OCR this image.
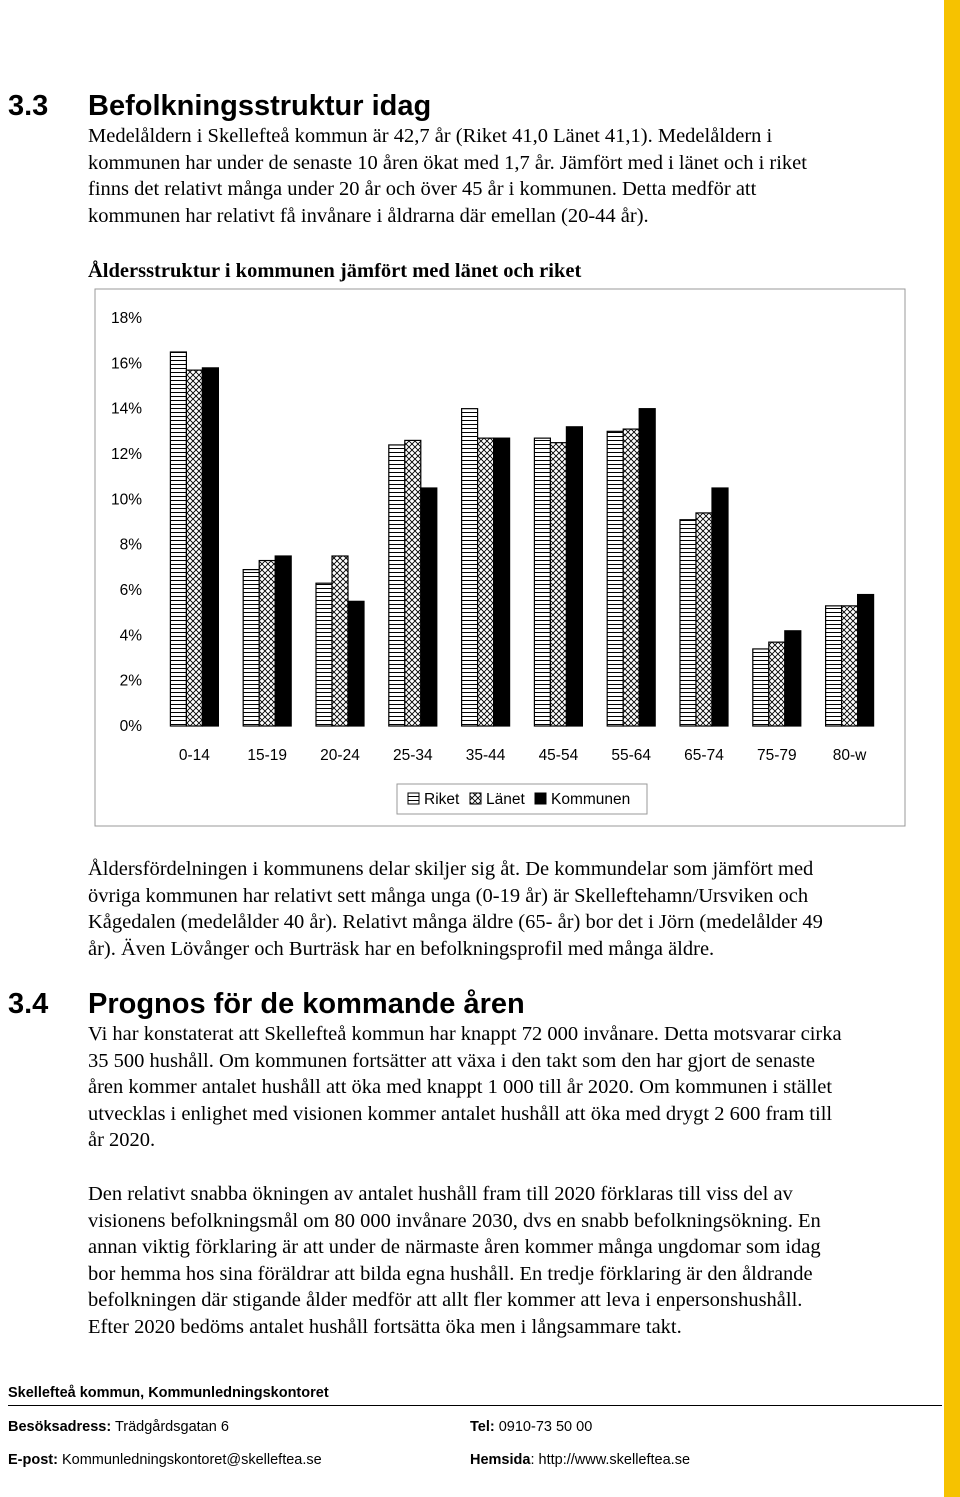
3.3 Befolkningsstruktur idag
Medelåldern i Skellefteå kommun är 42,7 år (Riket 41,0 Länet 41,1). Medelåldern i
kommunen har under de senaste 10 åren ökat med 1,7 år. Jämfört med i länet och i riket
finns det relativt många under 20 år och över 45 år i kommunen. Detta medför att
kommunen har relativt få invånare i åldrarna där emellan (20-44 år).
Åldersstruktur i kommunen jämfört med länet och riket
0%
2%
4%
6%
8%
10%
12%
14%
16%
18%
0-14 15-19 20-24 25-34 35-44 45-54 55-64 65-74 75-79 80-w
Riket Länet Kommunen
Åldersfördelningen i kommunens delar skiljer sig åt. De kommundelar som jämfört med
övriga kommunen har relativt sett många unga (0-19 år) är Skelleftehamn/Ursviken och
Kågedalen (medelålder 40 år). Relativt många äldre (65- år) bor det i Jörn (medelålder 49
år). Även Lövånger och Burträsk har en befolkningsprofil med många äldre.
3.4 Prognos för de kommande åren
Vi har konstaterat att Skellefteå kommun har knappt 72 000 invånare. Detta motsvarar cirka
35 500 hushåll. Om kommunen fortsätter att växa i den takt som den har gjort de senaste
åren kommer antalet hushåll att öka med knappt 1 000 till år 2020. Om kommunen i stället
utvecklas i enlighet med visionen kommer antalet hushåll att öka med drygt 2 600 fram till
år 2020.
Den relativt snabba ökningen av antalet hushåll fram till 2020 förklaras till viss del av
visionens befolkningsmål om 80 000 invånare 2030, dvs en snabb befolkningsökning. En
annan viktig förklaring är att under de närmaste åren kommer många ungdomar som idag
bor hemma hos sina föräldrar att bilda egna hushåll. En tredje förklaring är den åldrande
befolkningen där stigande ålder medför att allt fler kommer att leva i enpersonshushåll.
Efter 2020 bedöms antalet hushåll fortsätta öka men i långsammare takt.
Skellefteå kommun, Kommunledningskontoret
Besöksadress: Trädgårdsgatan 6	Tel: 0910-73 50 00
E-post: Kommunledningskontoret@skelleftea.se	Hemsida: http://www.skelleftea.se
